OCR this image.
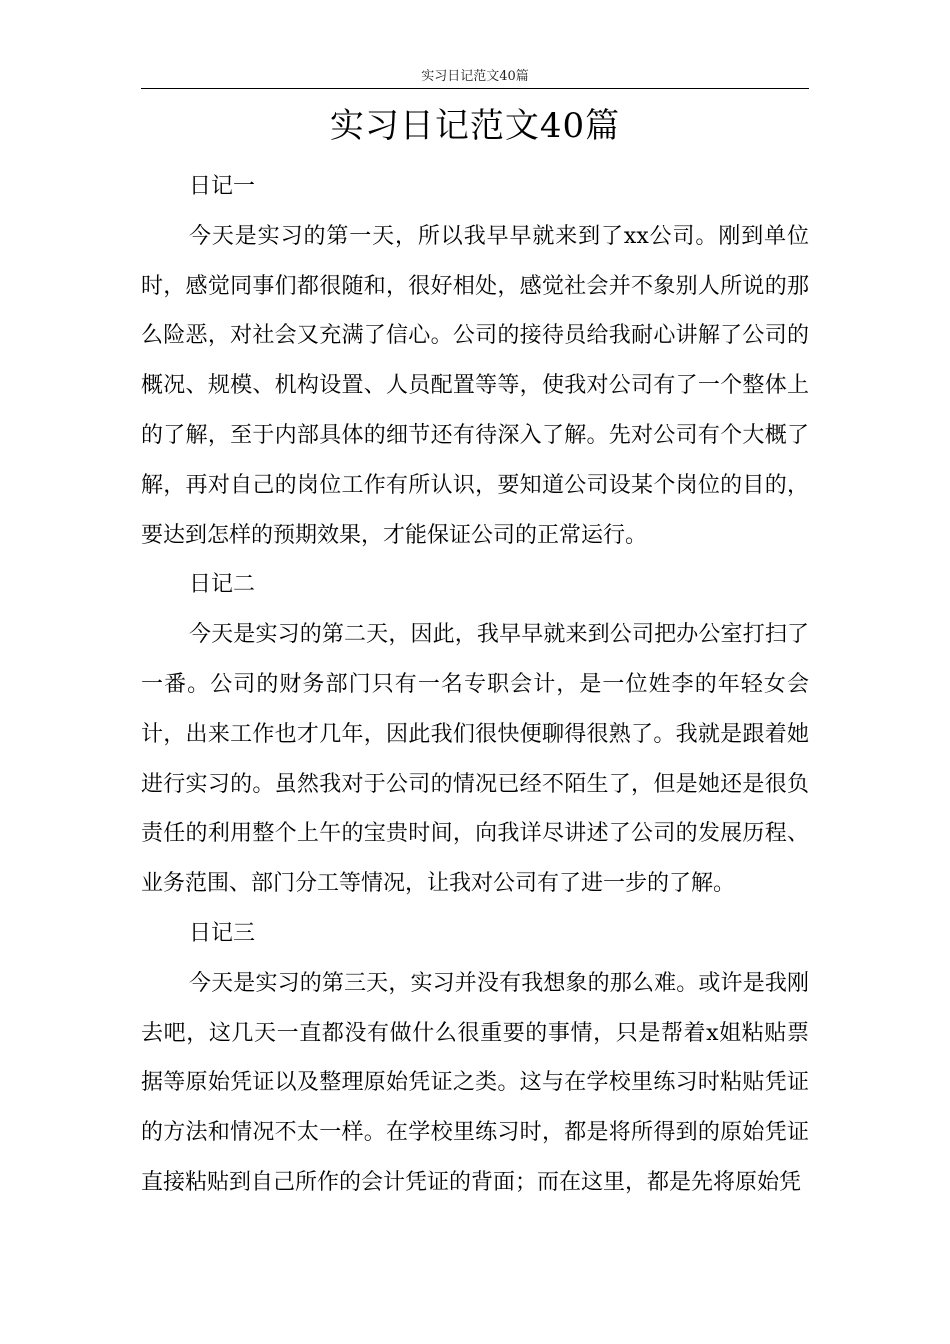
实习日记范文40篇
实习日记范文40篇

日记一

今天是实习的第一天，所以我早早就来到了xx公司。刚到单位时，感觉同事们都很随和，很好相处，感觉社会并不象别人所说的那么险恶，对社会又充满了信心。公司的接待员给我耐心讲解了公司的概况、规模、机构设置、人员配置等等，使我对公司有了一个整体上的了解，至于内部具体的细节还有待深入了解。先对公司有个大概了解，再对自己的岗位工作有所认识，要知道公司设某个岗位的目的，要达到怎样的预期效果，才能保证公司的正常运行。

日记二

今天是实习的第二天，因此，我早早就来到公司把办公室打扫了一番。公司的财务部门只有一名专职会计，是一位姓李的年轻女会计，出来工作也才几年，因此我们很快便聊得很熟了。我就是跟着她进行实习的。虽然我对于公司的情况已经不陌生了，但是她还是很负责任的利用整个上午的宝贵时间，向我详尽讲述了公司的发展历程、业务范围、部门分工等情况，让我对公司有了进一步的了解。

日记三

今天是实习的第三天，实习并没有我想象的那么难。或许是我刚去吧，这几天一直都没有做什么很重要的事情，只是帮着x姐粘贴票据等原始凭证以及整理原始凭证之类。这与在学校里练习时粘贴凭证的方法和情况不太一样。在学校里练习时，都是将所得到的原始凭证直接粘贴到自己所作的会计凭证的背面；而在这里，都是先将原始凭
